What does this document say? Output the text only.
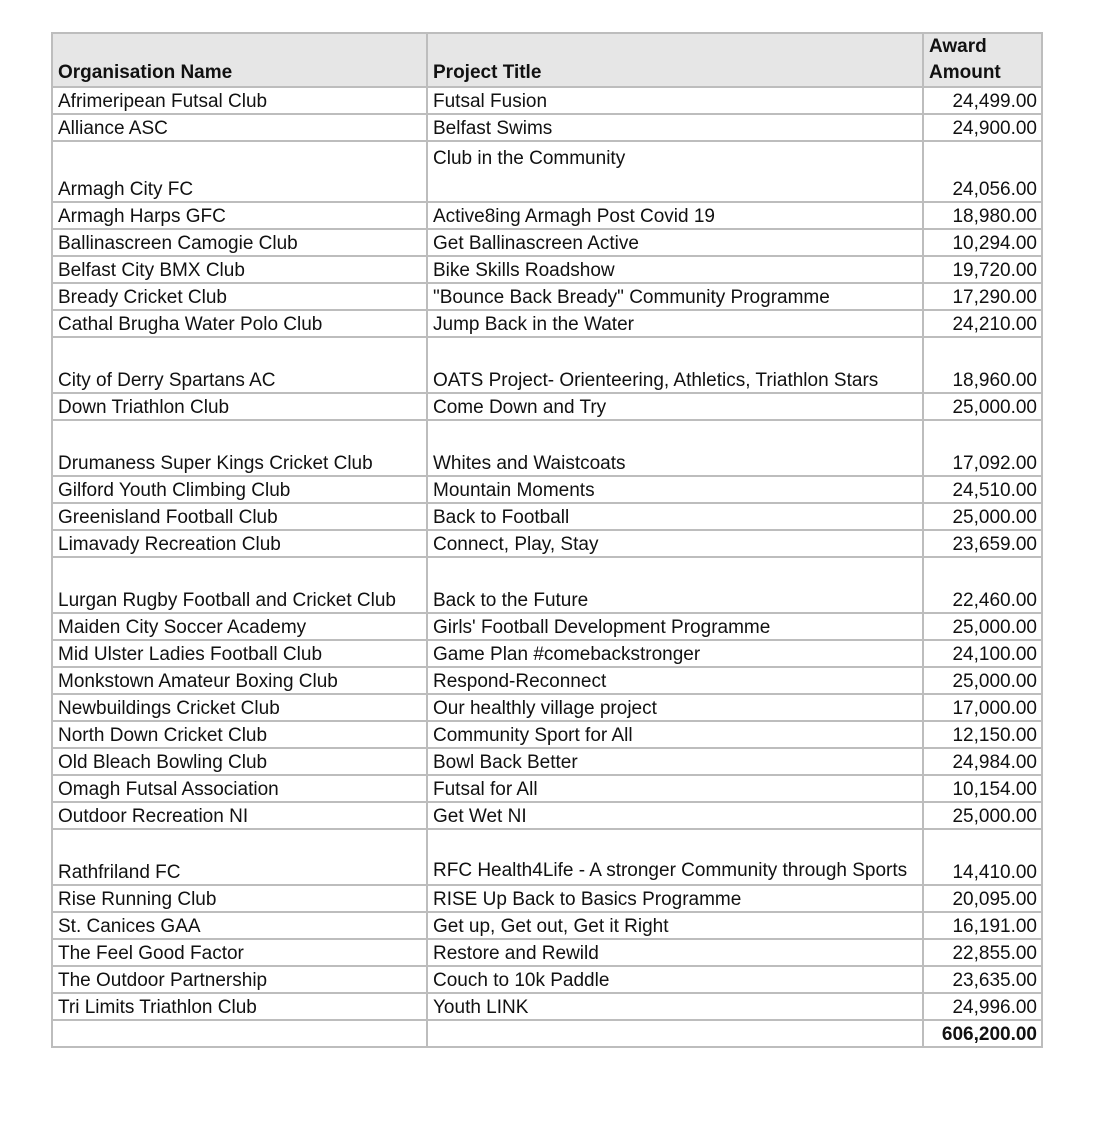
Organisation Name	Project Title	Award Amount
Afrimeripean Futsal Club	Futsal Fusion	24,499.00
Alliance ASC	Belfast Swims	24,900.00
Armagh City FC	Club in the Community	24,056.00
Armagh Harps GFC	Active8ing Armagh Post Covid 19	18,980.00
Ballinascreen Camogie Club	Get Ballinascreen Active	10,294.00
Belfast City BMX Club	Bike Skills Roadshow	19,720.00
Bready Cricket Club	"Bounce Back Bready" Community Programme	17,290.00
Cathal Brugha Water Polo Club	Jump Back in the Water	24,210.00
City of Derry Spartans AC	OATS Project- Orienteering, Athletics, Triathlon Stars	18,960.00
Down Triathlon Club	Come Down and Try	25,000.00
Drumaness Super Kings Cricket Club	Whites and Waistcoats	17,092.00
Gilford Youth Climbing Club	Mountain Moments	24,510.00
Greenisland Football Club	Back to Football	25,000.00
Limavady Recreation Club	Connect, Play, Stay	23,659.00
Lurgan Rugby Football and Cricket Club	Back to the Future	22,460.00
Maiden City Soccer Academy	Girls' Football Development Programme	25,000.00
Mid Ulster Ladies Football Club	Game Plan #comebackstronger	24,100.00
Monkstown Amateur Boxing Club	Respond-Reconnect	25,000.00
Newbuildings Cricket Club	Our healthly village project	17,000.00
North Down Cricket Club	Community Sport for All	12,150.00
Old Bleach Bowling Club	Bowl Back Better	24,984.00
Omagh Futsal Association	Futsal for All	10,154.00
Outdoor Recreation NI	Get Wet NI	25,000.00
Rathfriland FC	RFC Health4Life - A stronger Community through Sports	14,410.00
Rise Running Club	RISE Up Back to Basics Programme	20,095.00
St. Canices GAA	Get up, Get out, Get it Right	16,191.00
The Feel Good Factor	Restore and Rewild	22,855.00
The Outdoor Partnership	Couch to 10k Paddle	23,635.00
Tri Limits Triathlon Club	Youth LINK	24,996.00
		606,200.00
